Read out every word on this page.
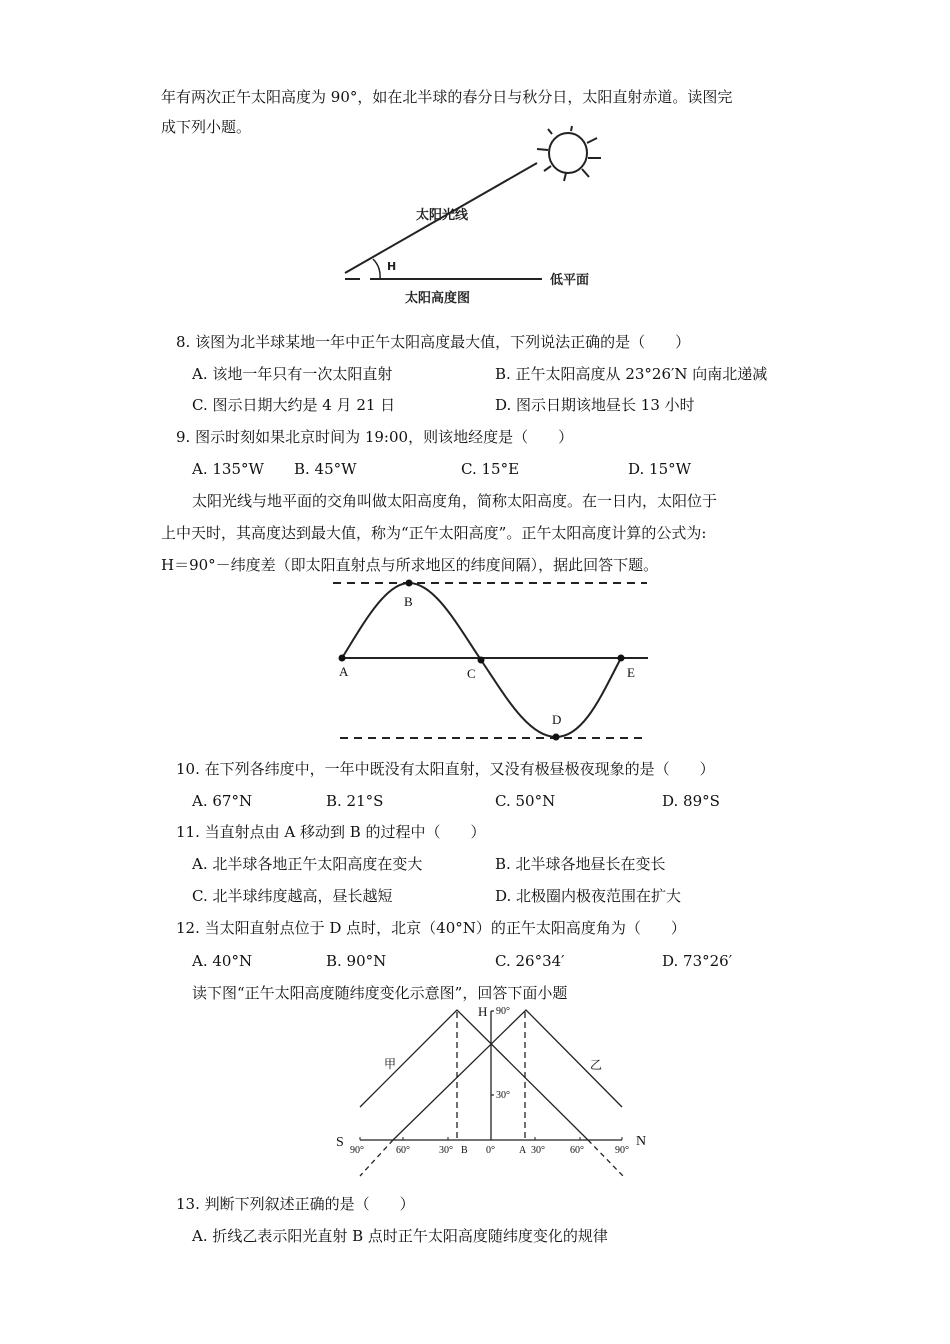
年有两次正午太阳高度为 90°，如在北半球的春分日与秋分日，太阳直射赤道。读图完
成下列小题。
太阳光线
H
低平面
太阳高度图
A
B
C
D
E
H 90°
30°
甲	乙
S	N
90°	60°	30° B 0° A 30°	60°	90°
8. 该图为北半球某地一年中正午太阳高度最大值，下列说法正确的是（　　）
A. 该地一年只有一次太阳直射	B. 正午太阳高度从 23°26′N 向南北递减
C. 图示日期大约是 4 月 21 日	D. 图示日期该地昼长 13 小时
9. 图示时刻如果北京时间为 19:00，则该地经度是（　　）
A. 135°W B. 45°W	C. 15°E	D. 15°W
太阳光线与地平面的交角叫做太阳高度角，简称太阳高度。在一日内，太阳位于
上中天时，其高度达到最大值，称为“正午太阳高度”。正午太阳高度计算的公式为:
H＝90°－纬度差（即太阳直射点与所求地区的纬度间隔），据此回答下题。
10. 在下列各纬度中，一年中既没有太阳直射，又没有极昼极夜现象的是（　　）
A. 67°N	B. 21°S	C. 50°N	D. 89°S
11. 当直射点由 A 移动到 B 的过程中（　　）
A. 北半球各地正午太阳高度在变大	B. 北半球各地昼长在变长
C. 北半球纬度越高，昼长越短	D. 北极圈内极夜范围在扩大
12. 当太阳直射点位于 D 点时，北京（40°N）的正午太阳高度角为（　　）
A. 40°N	B. 90°N	C. 26°34′	D. 73°26′
读下图“正午太阳高度随纬度变化示意图”，回答下面小题
13. 判断下列叙述正确的是（　　）
A. 折线乙表示阳光直射 B 点时正午太阳高度随纬度变化的规律
